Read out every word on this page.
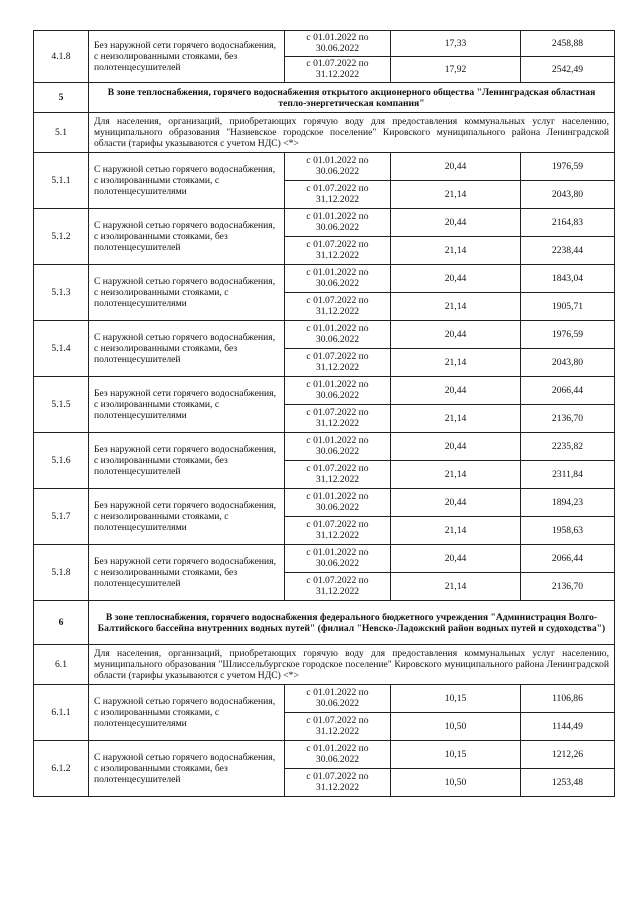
4.1.8	Без наружной сети горячего водоснабжения, с неизолированными стояками, без полотенцесушителей	с 01.01.2022 по 30.06.2022	17,33	2458,88
		с 01.07.2022 по 31.12.2022	17,92	2542,49
5	В зоне теплоснабжения, горячего водоснабжения открытого акционерного общества "Ленинградская областная тепло-энергетическая компания"			
5.1	Для населения, организаций, приобретающих горячую воду для предоставления коммунальных услуг населению, муниципального образования "Назиевское городское поселение" Кировского муниципального района Ленинградской области (тарифы указываются с учетом НДС) <*>			
5.1.1	С наружной сетью горячего водоснабжения, с изолированными стояками, с полотенцесушителями	с 01.01.2022 по 30.06.2022	20,44	1976,59
		с 01.07.2022 по 31.12.2022	21,14	2043,80
5.1.2	С наружной сетью горячего водоснабжения, с изолированными стояками, без полотенцесушителей	с 01.01.2022 по 30.06.2022	20,44	2164,83
		с 01.07.2022 по 31.12.2022	21,14	2238,44
5.1.3	С наружной сетью горячего водоснабжения, с неизолированными стояками, с полотенцесушителями	с 01.01.2022 по 30.06.2022	20,44	1843,04
		с 01.07.2022 по 31.12.2022	21,14	1905,71
5.1.4	С наружной сетью горячего водоснабжения, с неизолированными стояками, без полотенцесушителей	с 01.01.2022 по 30.06.2022	20,44	1976,59
		с 01.07.2022 по 31.12.2022	21,14	2043,80
5.1.5	Без наружной сети горячего водоснабжения, с изолированными стояками, с полотенцесушителями	с 01.01.2022 по 30.06.2022	20,44	2066,44
		с 01.07.2022 по 31.12.2022	21,14	2136,70
5.1.6	Без наружной сети горячего водоснабжения, с изолированными стояками, без полотенцесушителей	с 01.01.2022 по 30.06.2022	20,44	2235,82
		с 01.07.2022 по 31.12.2022	21,14	2311,84
5.1.7	Без наружной сети горячего водоснабжения, с неизолированными стояками, с полотенцесушителями	с 01.01.2022 по 30.06.2022	20,44	1894,23
		с 01.07.2022 по 31.12.2022	21,14	1958,63
5.1.8	Без наружной сети горячего водоснабжения, с неизолированными стояками, без полотенцесушителей	с 01.01.2022 по 30.06.2022	20,44	2066,44
		с 01.07.2022 по 31.12.2022	21,14	2136,70
6	В зоне теплоснабжения, горячего водоснабжения федерального бюджетного учреждения "Администрация Волго-Балтийского бассейна внутренних водных путей" (филиал "Невско-Ладожский район водных путей и судоходства")			
6.1	Для населения, организаций, приобретающих горячую воду для предоставления коммунальных услуг населению, муниципального образования "Шлиссельбургское городское поселение" Кировского муниципального района Ленинградской области (тарифы указываются с учетом НДС) <*>			
6.1.1	С наружной сетью горячего водоснабжения, с изолированными стояками, с полотенцесушителями	с 01.01.2022 по 30.06.2022	10,15	1106,86
		с 01.07.2022 по 31.12.2022	10,50	1144,49
6.1.2	С наружной сетью горячего водоснабжения, с изолированными стояками, без полотенцесушителей	с 01.01.2022 по 30.06.2022	10,15	1212,26
		с 01.07.2022 по 31.12.2022	10,50	1253,48
